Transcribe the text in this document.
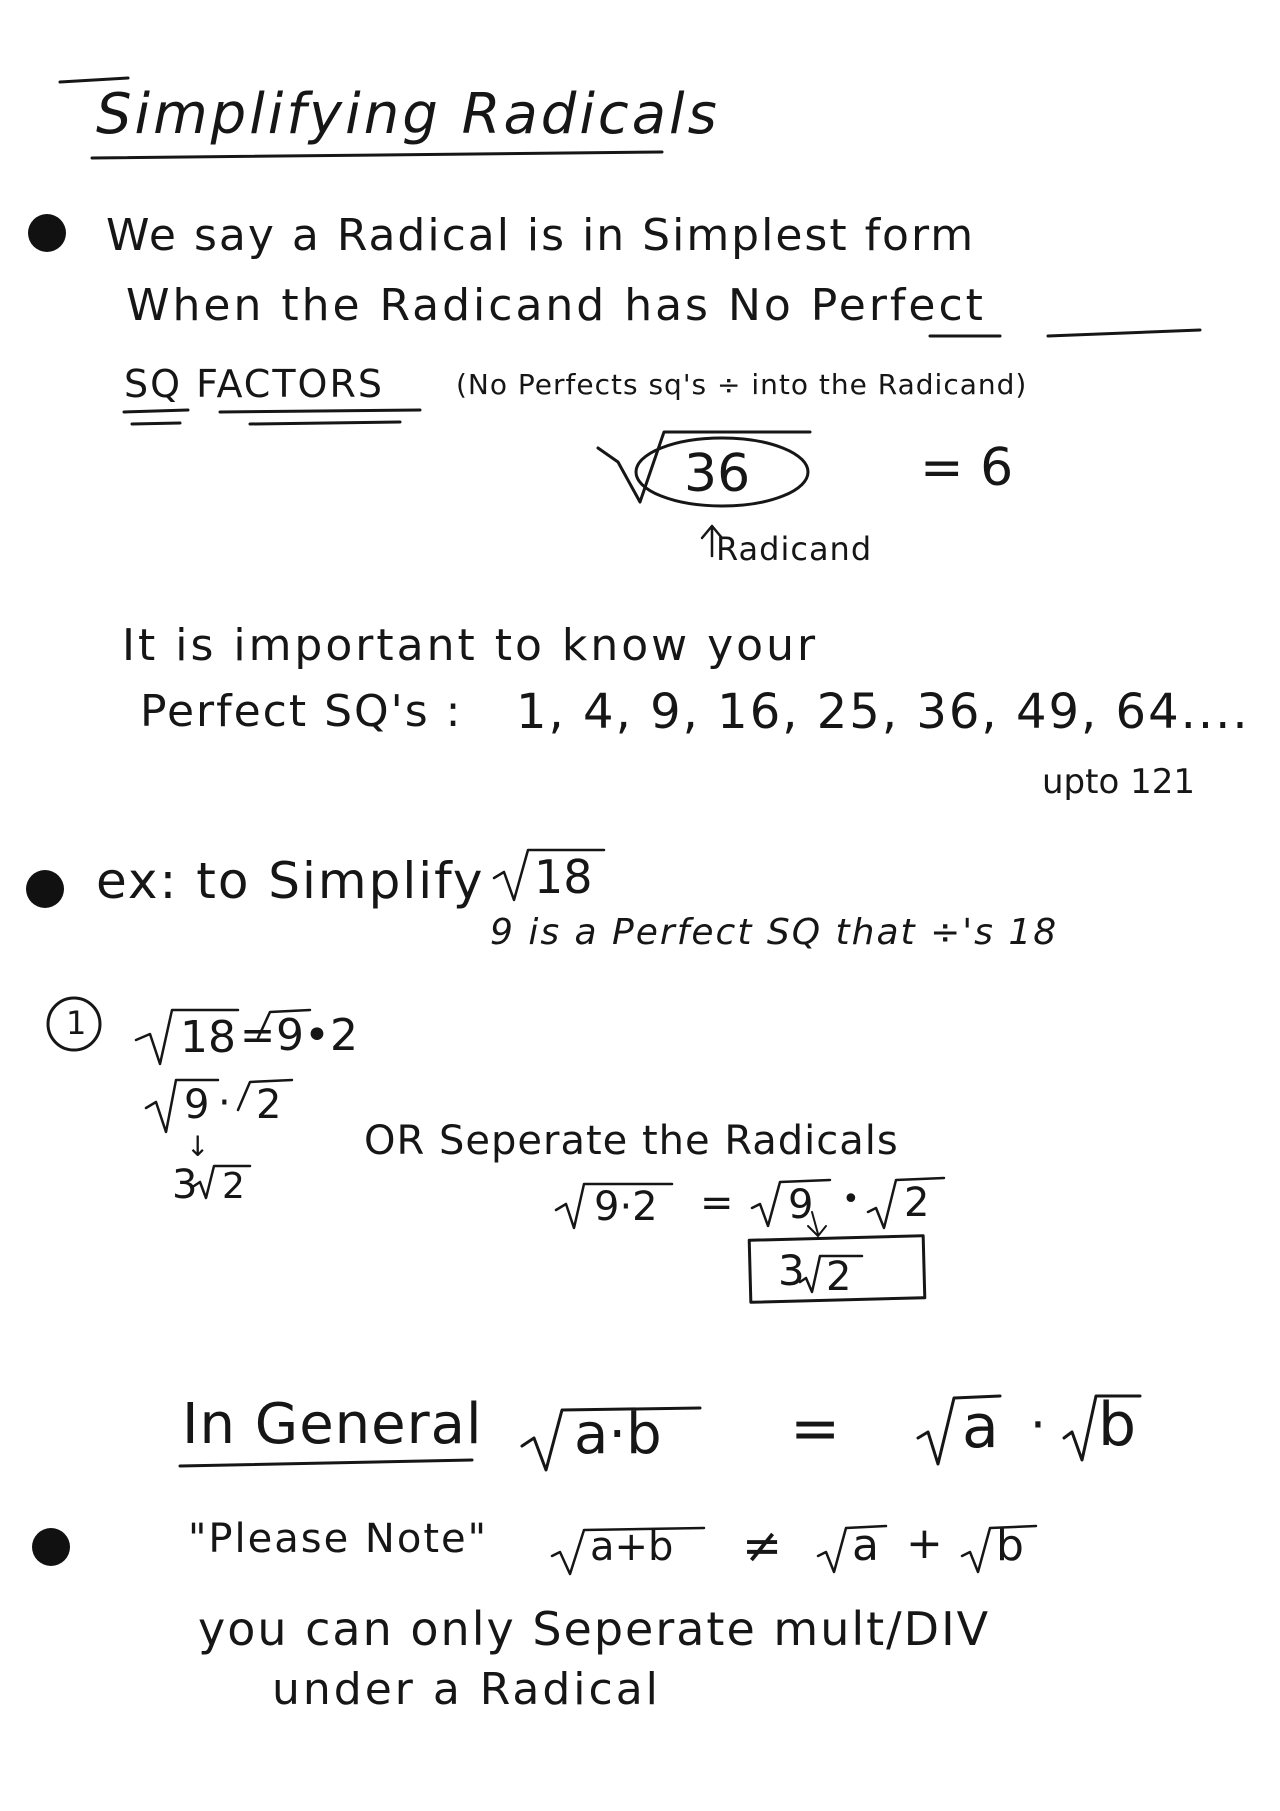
Simplifying Radicals
We say a Radical is in Simplest form
When the Radicand has No Perfect
SQ FACTORS	(No Perfects sq's ÷ into the Radicand)
36	= 6
Radicand
It is important to know your
Perfect SQ's : 1, 4, 9, 16, 25, 36, 49, 64....
upto 121
ex: to Simplify 18
9 is a Perfect SQ that ÷'s 18
1 18 = 9•2
9 · 2
↓
3 2
OR Seperate the Radicals
9·2 = 9 • 2
3 2
In General a·b = a · b
"Please Note"	a+b ≠ a + b
you can only Seperate mult/DIV
under a Radical
